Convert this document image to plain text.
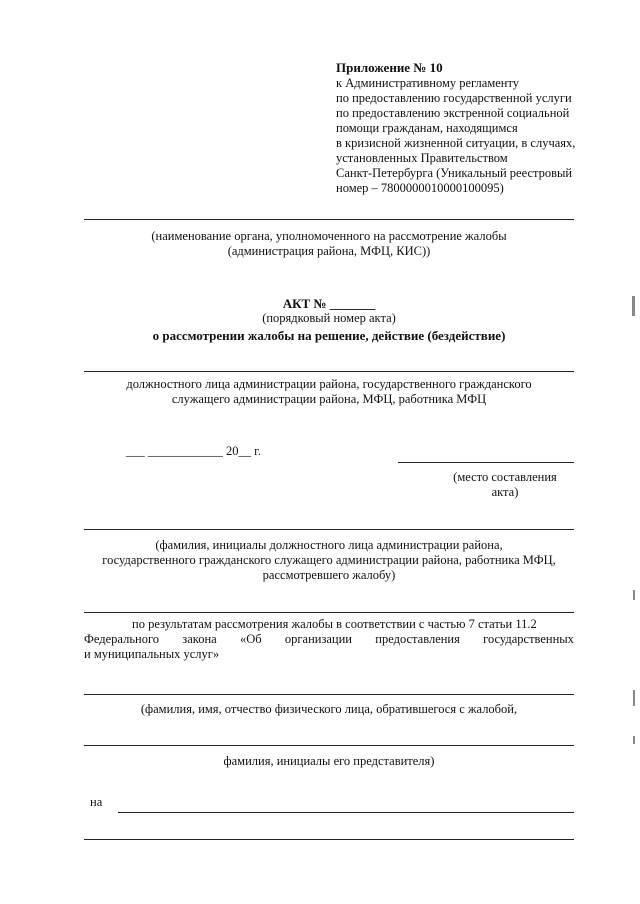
Приложение № 10
к Административному регламенту
по предоставлению государственной услуги
по предоставлению экстренной социальной
помощи гражданам, находящимся
в кризисной жизненной ситуации, в случаях,
установленных Правительством
Санкт-Петербурга (Уникальный реестровый
номер – 7800000010000100095)
(наименование органа, уполномоченного на рассмотрение жалобы
(администрация района, МФЦ, КИС))
АКТ № _______
(порядковый номер акта)
о рассмотрении жалобы на решение, действие (бездействие)
должностного лица администрации района, государственного гражданского
служащего администрации района, МФЦ, работника МФЦ
___ ____________ 20__ г.
(место составления
акта)
(фамилия, инициалы должностного лица администрации района,
государственного гражданского служащего администрации района, работника МФЦ,
рассмотревшего жалобу)
по результатам рассмотрения жалобы в соответствии с частью 7 статьи 11.2
Федерального закона «Об организации предоставления государственных
и муниципальных услуг»
(фамилия, имя, отчество физического лица, обратившегося с жалобой,
фамилия, инициалы его представителя)
на
